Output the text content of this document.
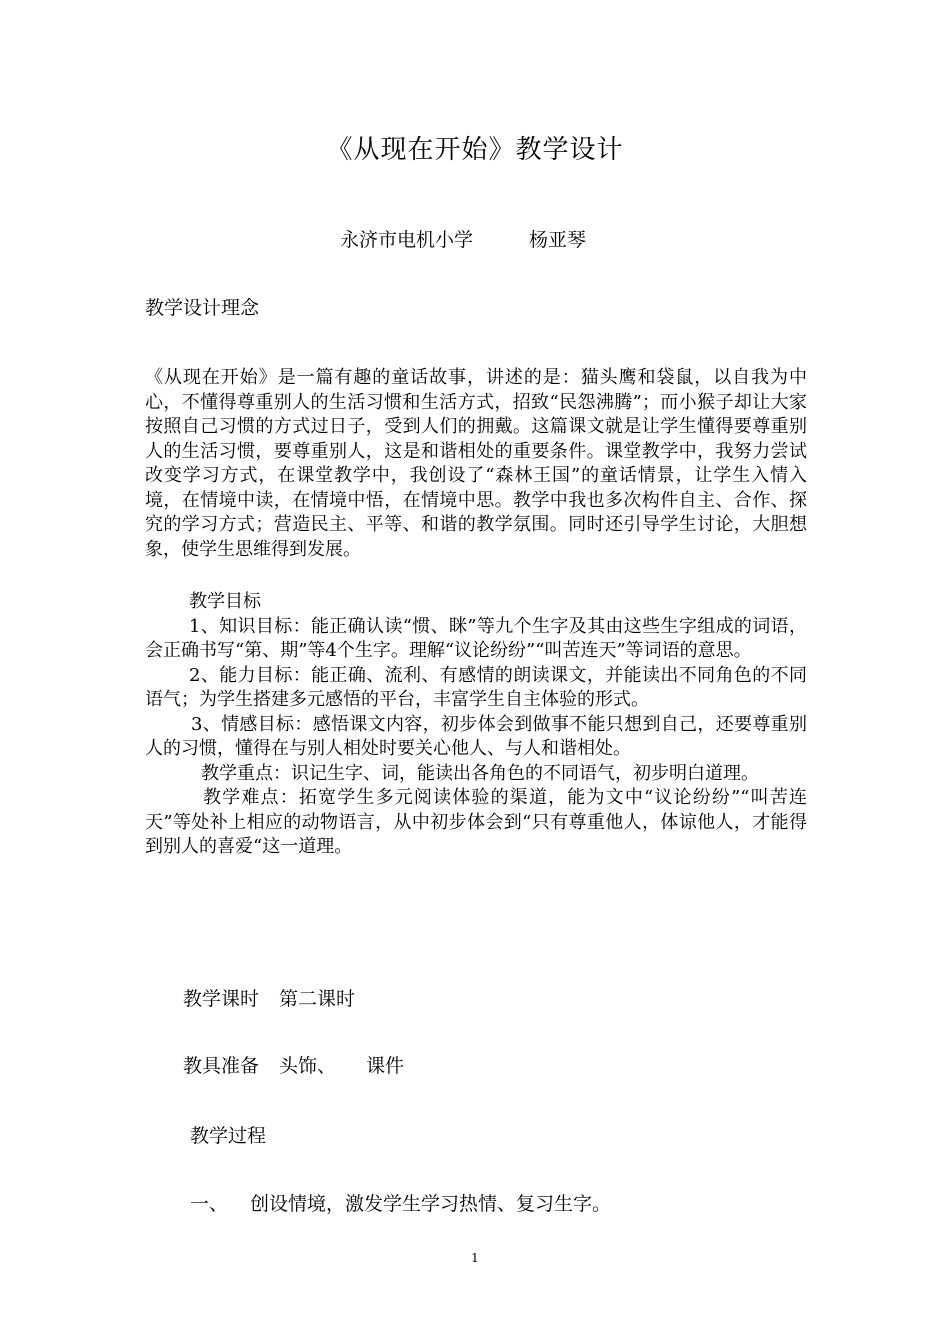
《从现在开始》教学设计
永济市电机小学	杨亚琴
教学设计理念

《从现在开始》是一篇有趣的童话故事，讲述的是：猫头鹰和袋鼠，以自我为中心，不懂得尊重别人的生活习惯和生活方式，招致“民怨沸腾”；而小猴子却让大家按照自己习惯的方式过日子，受到人们的拥戴。这篇课文就是让学生懂得要尊重别人的生活习惯，要尊重别人，这是和谐相处的重要条件。课堂教学中，我努力尝试改变学习方式，在课堂教学中，我创设了“森林王国”的童话情景，让学生入情入境，在情境中读，在情境中悟，在情境中思。教学中我也多次构件自主、合作、探究的学习方式；营造民主、平等、和谐的教学氛围。同时还引导学生讨论，大胆想象，使学生思维得到发展。

教学目标

1、知识目标：能正确认读“惯、眯”等九个生字及其由这些生字组成的词语，会正确书写“第、期”等4个生字。理解“议论纷纷”“叫苦连天”等词语的意思。

2、能力目标：能正确、流利、有感情的朗读课文，并能读出不同角色的不同语气；为学生搭建多元感悟的平台，丰富学生自主体验的形式。

3、情感目标：感悟课文内容，初步体会到做事不能只想到自己，还要尊重别人的习惯，懂得在与别人相处时要关心他人、与人和谐相处。

教学重点：识记生字、词，能读出各角色的不同语气，初步明白道理。

教学难点：拓宽学生多元阅读体验的渠道，能为文中“议论纷纷”“叫苦连天”等处补上相应的动物语言，从中初步体会到“只有尊重他人，体谅他人，才能得到别人的喜爱“这一道理。

教学课时 第二课时
教具准备 头饰、 课件
教学过程
一、 创设情境，激发学生学习热情、复习生字。
1
